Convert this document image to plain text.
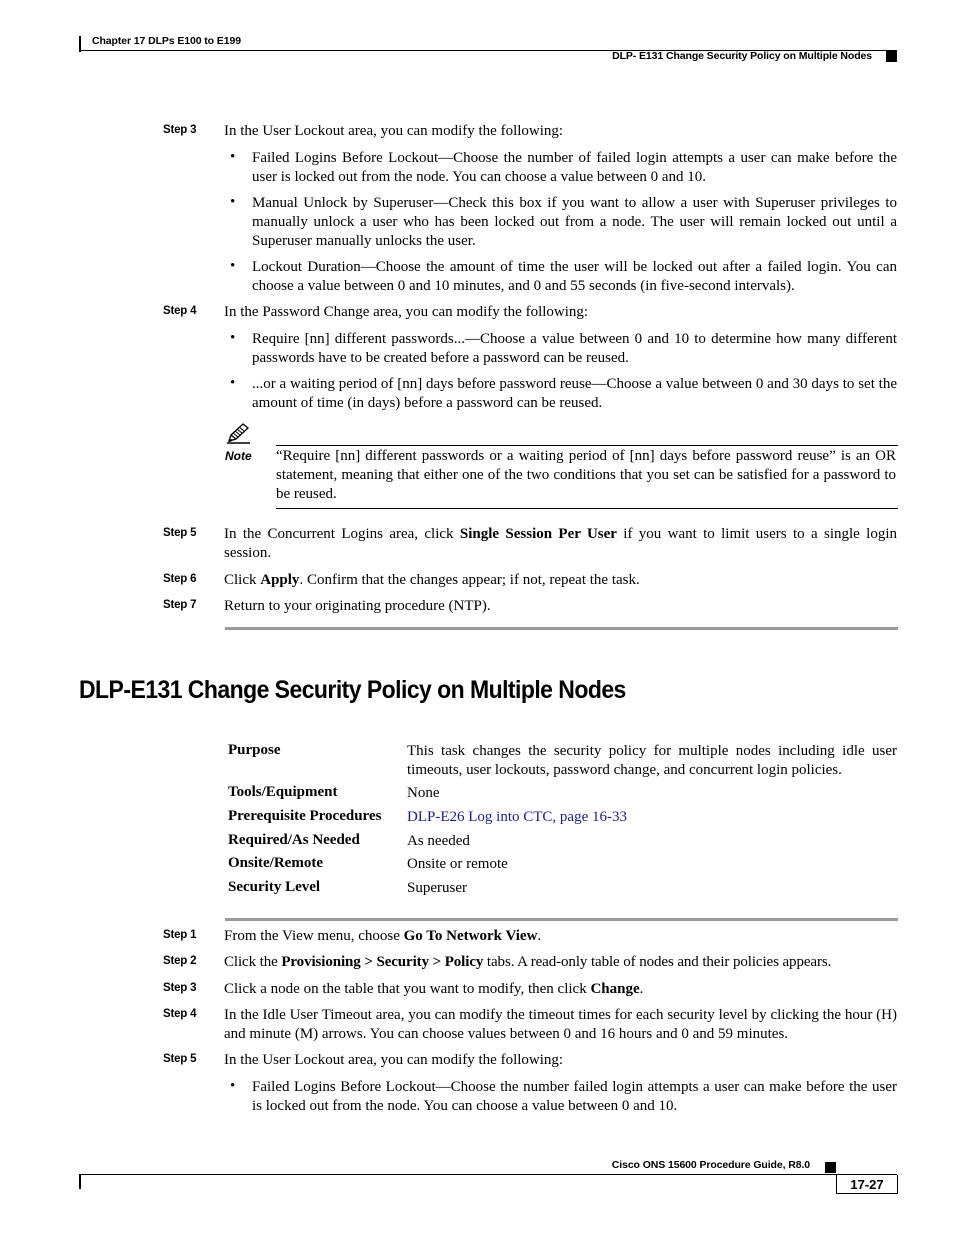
Chapter 17 DLPs E100 to E199
DLP- E131 Change Security Policy on Multiple Nodes
Step 3	In the User Lockout area, you can modify the following:
• Failed Logins Before Lockout—Choose the number of failed login attempts a user can make before the user is locked out from the node. You can choose a value between 0 and 10.
• Manual Unlock by Superuser—Check this box if you want to allow a user with Superuser privileges to manually unlock a user who has been locked out from a node. The user will remain locked out until a Superuser manually unlocks the user.
• Lockout Duration—Choose the amount of time the user will be locked out after a failed login. You can choose a value between 0 and 10 minutes, and 0 and 55 seconds (in five-second intervals).
Step 4	In the Password Change area, you can modify the following:
• Require [nn] different passwords...—Choose a value between 0 and 10 to determine how many different passwords have to be created before a password can be reused.
• ...or a waiting period of [nn] days before password reuse—Choose a value between 0 and 30 days to set the amount of time (in days) before a password can be reused.
Note “Require [nn] different passwords or a waiting period of [nn] days before password reuse” is an OR statement, meaning that either one of the two conditions that you set can be satisfied for a password to be reused.
Step 5	In the Concurrent Logins area, click Single Session Per User if you want to limit users to a single login session.
Step 6	Click Apply. Confirm that the changes appear; if not, repeat the task.
Step 7	Return to your originating procedure (NTP).
DLP-E131 Change Security Policy on Multiple Nodes
Purpose	This task changes the security policy for multiple nodes including idle user timeouts, user lockouts, password change, and concurrent login policies.
Tools/Equipment	None
Prerequisite Procedures DLP-E26 Log into CTC, page 16-33
Required/As Needed	As needed
Onsite/Remote	Onsite or remote
Security Level	Superuser
Step 1	From the View menu, choose Go To Network View.
Step 2	Click the Provisioning > Security > Policy tabs. A read-only table of nodes and their policies appears.
Step 3	Click a node on the table that you want to modify, then click Change.
Step 4	In the Idle User Timeout area, you can modify the timeout times for each security level by clicking the hour (H) and minute (M) arrows. You can choose values between 0 and 16 hours and 0 and 59 minutes.
Step 5	In the User Lockout area, you can modify the following:
• Failed Logins Before Lockout—Choose the number failed login attempts a user can make before the user is locked out from the node. You can choose a value between 0 and 10.
Cisco ONS 15600 Procedure Guide, R8.0
17-27
